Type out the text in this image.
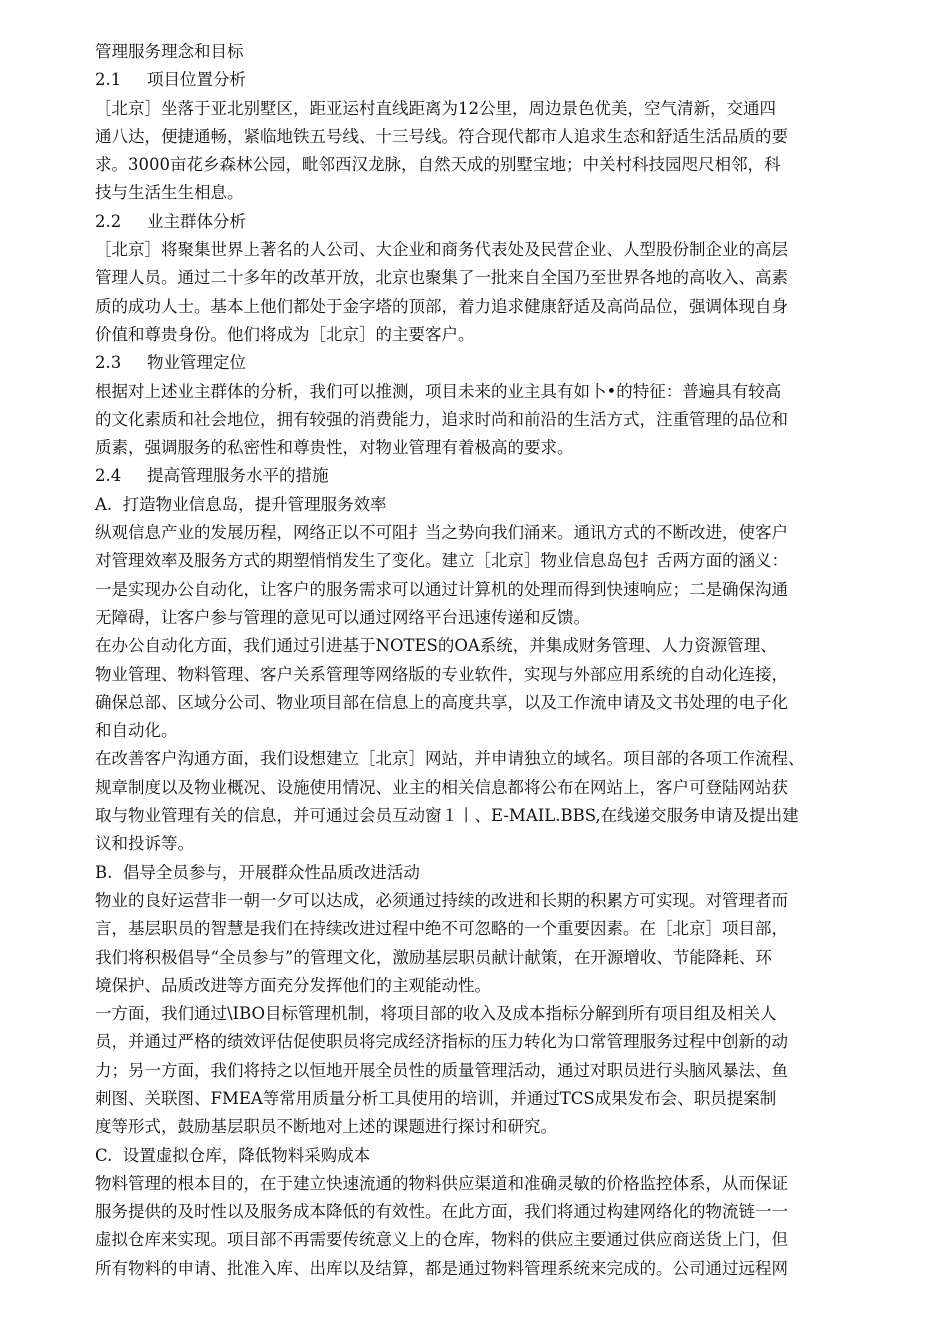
管理服务理念和目标

2.1 项目位置分析

［北京］坐落于亚北别墅区，距亚运村直线距离为12公里，周边景色优美，空气清新，交通四
通八达，便捷通畅，紧临地铁五号线、十三号线。符合现代都市人追求生态和舒适生活品质的要
求。3000亩花乡森林公园，毗邻西汉龙脉，自然天成的别墅宝地；中关村科技园咫尺相邻，科
技与生活生生相息。

2.2 业主群体分析

［北京］将聚集世界上著名的人公司、大企业和商务代表处及民营企业、人型股份制企业的高层
管理人员。通过二十多年的改革开放，北京也聚集了一批来自全国乃至世界各地的高收入、高素
质的成功人士。基本上他们都处于金字塔的顶部，着力追求健康舒适及高尚品位，强调体现自身
价值和尊贵身份。他们将成为［北京］的主要客户。

2.3 物业管理定位

根据对上述业主群体的分析，我们可以推测，项目未来的业主具有如卜•的特征：普遍具有较高
的文化素质和社会地位，拥有较强的消费能力，追求时尚和前沿的生活方式，注重管理的品位和
质素，强调服务的私密性和尊贵性，对物业管理有着极高的要求。

2.4 提高管理服务水平的措施

A.  打造物业信息岛，提升管理服务效率

纵观信息产业的发展历程，网络正以不可阻扌当之势向我们涌来。通讯方式的不断改进，使客户
对管理效率及服务方式的期塑悄悄发生了变化。建立［北京］物业信息岛包扌舌两方面的涵义：
一是实现办公自动化，让客户的服务需求可以通过计算机的处理而得到快速响应；二是确保沟通
无障碍，让客户参与管理的意见可以通过网络平台迅速传递和反馈。

在办公自动化方面，我们通过引进基于NOTES的OA系统，并集成财务管理、人力资源管理、
物业管理、物料管理、客户关系管理等网络版的专业软件，实现与外部应用系统的自动化连接，
确保总部、区域分公司、物业项目部在信息上的高度共享，以及工作流申请及文书处理的电子化
和自动化。

在改善客户沟通方面，我们设想建立［北京］网站，并申请独立的域名。项目部的各项工作流程、
规章制度以及物业概况、设施使用情况、业主的相关信息都将公布在网站上，客户可登陆网站获
取与物业管理有关的信息，并可通过会员互动窗１丨、E-MAIL.BBS,在线递交服务申请及提出建
议和投诉等。

B.  倡导全员参与，开展群众性品质改进活动

物业的良好运营非一朝一夕可以达成，必须通过持续的改进和长期的积累方可实现。对管理者而
言，基层职员的智慧是我们在持续改进过程中绝不可忽略的一个重要因素。在［北京］项目部，
我们将积极倡导“全员参与”的管理文化，激励基层职员献计献策，在开源增收、节能降耗、环
境保护、品质改进等方面充分发挥他们的主观能动性。

一方面，我们通过\IBO目标管理机制，将项目部的收入及成本指标分解到所有项目组及相关人
员，并通过严格的绩效评估促使职员将完成经济指标的压力转化为口常管理服务过程中创新的动
力；另一方面，我们将持之以恒地开展全员性的质量管理活动，通过对职员进行头脑风暴法、鱼
刺图、关联图、FMEA等常用质量分析工具使用的培训，并通过TCS成果发布会、职员提案制
度等形式，鼓励基层职员不断地对上述的课题进行探讨和研究。

C.  设置虚拟仓库，降低物料采购成本

物料管理的根本目的，在于建立快速流通的物料供应渠道和准确灵敏的价格监控体系，从而保证
服务提供的及时性以及服务成本降低的有效性。在此方面，我们将通过构建网络化的物流链一一
虚拟仓库来实现。项目部不再需要传统意义上的仓库，物料的供应主要通过供应商送货上门，但
所有物料的申请、批准入库、出库以及结算，都是通过物料管理系统来完成的。公司通过远程网
